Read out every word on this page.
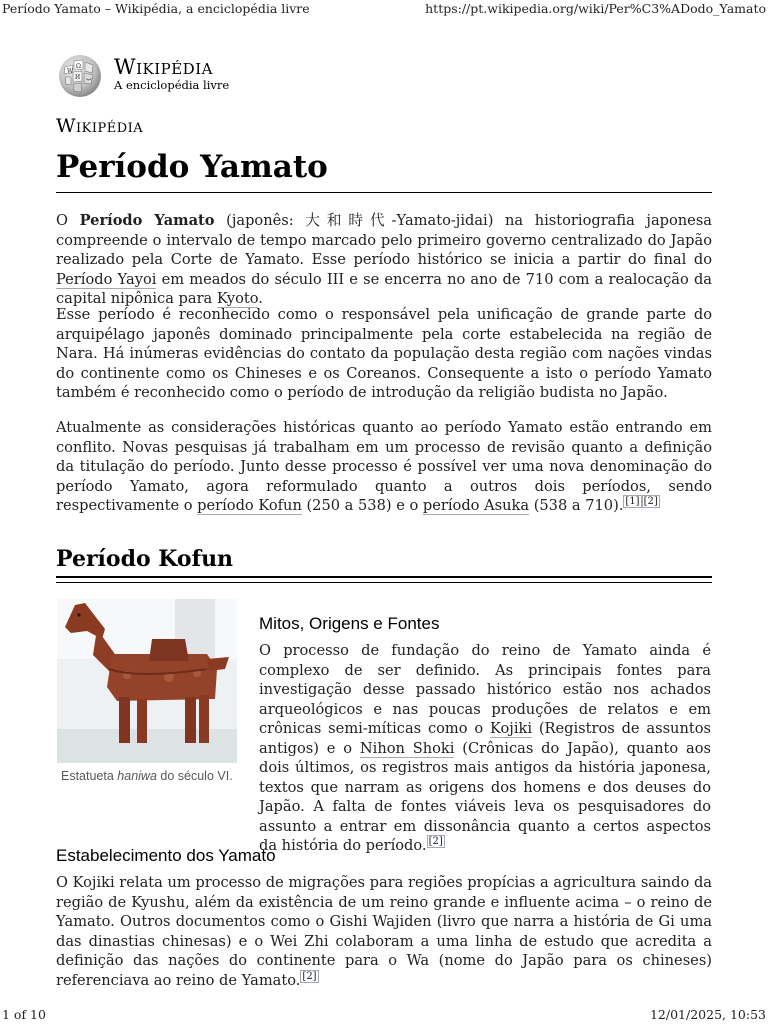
Período Yamato – Wikipédia, a enciclopédia livre	https://pt.wikipedia.org/wiki/Per%C3%ADodo_Yamato
W
Ω
И ب Wikipédia
A enciclopédia livre
Wikipédia
Período Yamato

O Período Yamato (japonês: 大和時代-Yamato-jidai) na historiografia japonesa compreende o intervalo de tempo marcado pelo primeiro governo centralizado do Japão realizado pela Corte de Yamato. Esse período histórico se inicia a partir do final do Período Yayoi em meados do século III e se encerra no ano de 710 com a realocação da capital nipônica para Kyoto.

Esse período é reconhecido como o responsável pela unificação de grande parte do arquipélago japonês dominado principalmente pela corte estabelecida na região de Nara. Há inúmeras evidências do contato da população desta região com nações vindas do continente como os Chineses e os Coreanos. Consequente a isto o período Yamato também é reconhecido como o período de introdução da religião budista no Japão.

Atualmente as considerações históricas quanto ao período Yamato estão entrando em conflito. Novas pesquisas já trabalham em um processo de revisão quanto a definição da titulação do período. Junto desse processo é possível ver uma nova denominação do período Yamato, agora reformulado quanto a outros dois períodos, sendo respectivamente o período Kofun (250 a 538) e o período Asuka (538 a 710). [1] [2]

Período Kofun
Estatueta haniwa do século VI.
Mitos, Origens e Fontes

O processo de fundação do reino de Yamato ainda é complexo de ser definido. As principais fontes para investigação desse passado histórico estão nos achados arqueológicos e nas poucas produções de relatos e em crônicas semi-míticas como o Kojiki (Registros de assuntos antigos) e o Nihon Shoki (Crônicas do Japão), quanto aos dois últimos, os registros mais antigos da história japonesa, textos que narram as origens dos homens e dos deuses do Japão. A falta de fontes viáveis leva os pesquisadores do assunto a entrar em dissonância quanto a certos aspectos da história do período. [2]

Estabelecimento dos Yamato

O Kojiki relata um processo de migrações para regiões propícias a agricultura saindo da região de Kyushu, além da existência de um reino grande e influente acima – o reino de Yamato. Outros documentos como o Gishi Wajiden (livro que narra a história de Gi uma das dinastias chinesas) e o Wei Zhi colaboram a uma linha de estudo que acredita a definição das nações do continente para o Wa (nome do Japão para os chineses) referenciava ao reino de Yamato. [2]

1 of 10	12/01/2025, 10:53
